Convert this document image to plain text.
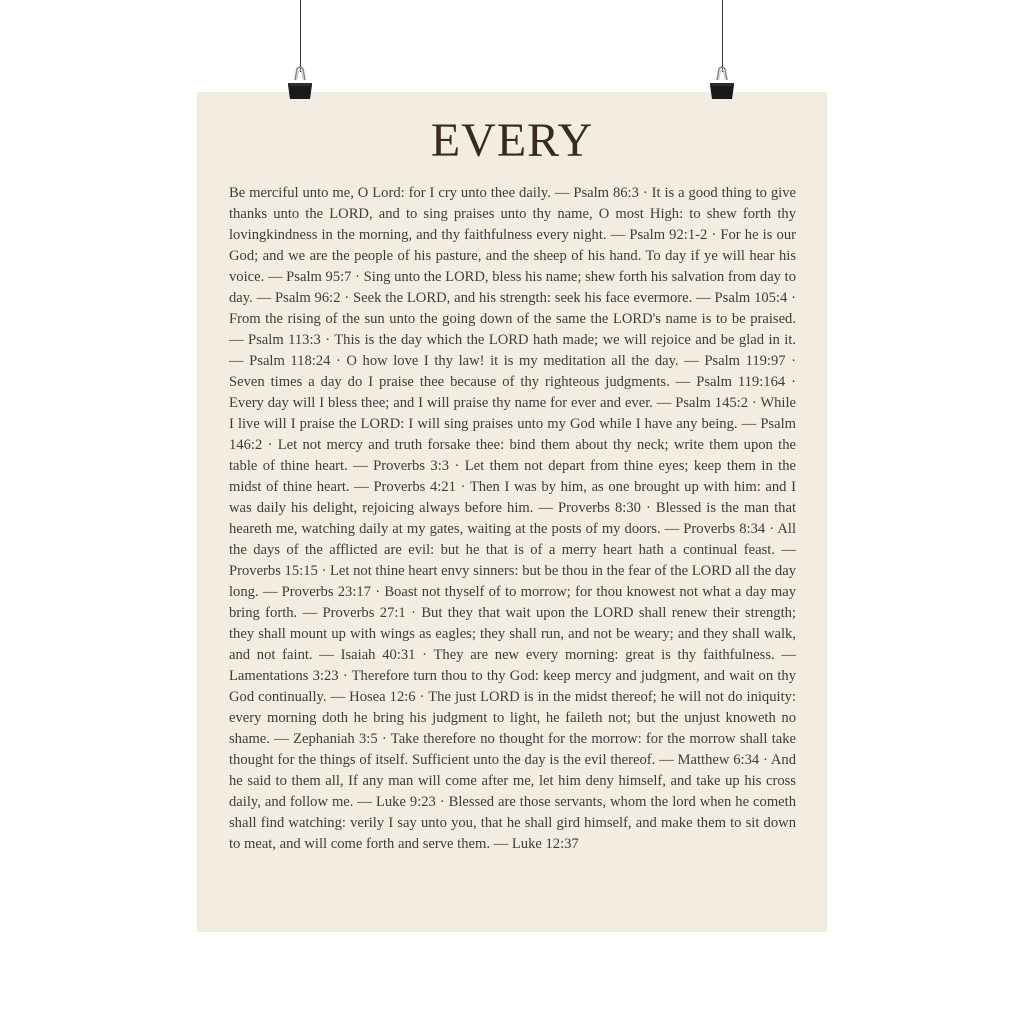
EVERY

Be merciful unto me, O Lord: for I cry unto thee daily. — Psalm 86:3 · It is a good thing to give thanks unto the LORD, and to sing praises unto thy name, O most High: to shew forth thy lovingkindness in the morning, and thy faithfulness every night. — Psalm 92:1-2 · For he is our God; and we are the people of his pasture, and the sheep of his hand. To day if ye will hear his voice. — Psalm 95:7 · Sing unto the LORD, bless his name; shew forth his salvation from day to day. — Psalm 96:2 · Seek the LORD, and his strength: seek his face evermore. — Psalm 105:4 · From the rising of the sun unto the going down of the same the LORD's name is to be praised. — Psalm 113:3 · This is the day which the LORD hath made; we will rejoice and be glad in it. — Psalm 118:24 · O how love I thy law! it is my meditation all the day. — Psalm 119:97 · Seven times a day do I praise thee because of thy righteous judgments. — Psalm 119:164 · Every day will I bless thee; and I will praise thy name for ever and ever. — Psalm 145:2 · While I live will I praise the LORD: I will sing praises unto my God while I have any being. — Psalm 146:2 · Let not mercy and truth forsake thee: bind them about thy neck; write them upon the table of thine heart. — Proverbs 3:3 · Let them not depart from thine eyes; keep them in the midst of thine heart. — Proverbs 4:21 · Then I was by him, as one brought up with him: and I was daily his delight, rejoicing always before him. — Proverbs 8:30 · Blessed is the man that heareth me, watching daily at my gates, waiting at the posts of my doors. — Proverbs 8:34 · All the days of the afflicted are evil: but he that is of a merry heart hath a continual feast. — Proverbs 15:15 · Let not thine heart envy sinners: but be thou in the fear of the LORD all the day long. — Proverbs 23:17 · Boast not thyself of to morrow; for thou knowest not what a day may bring forth. — Proverbs 27:1 · But they that wait upon the LORD shall renew their strength; they shall mount up with wings as eagles; they shall run, and not be weary; and they shall walk, and not faint. — Isaiah 40:31 · They are new every morning: great is thy faithfulness. — Lamentations 3:23 · Therefore turn thou to thy God: keep mercy and judgment, and wait on thy God continually. — Hosea 12:6 · The just LORD is in the midst thereof; he will not do iniquity: every morning doth he bring his judgment to light, he faileth not; but the unjust knoweth no shame. — Zephaniah 3:5 · Take therefore no thought for the morrow: for the morrow shall take thought for the things of itself. Sufficient unto the day is the evil thereof. — Matthew 6:34 · And he said to them all, If any man will come after me, let him deny himself, and take up his cross daily, and follow me. — Luke 9:23 · Blessed are those servants, whom the lord when he cometh shall find watching: verily I say unto you, that he shall gird himself, and make them to sit down to meat, and will come forth and serve them. — Luke 12:37
